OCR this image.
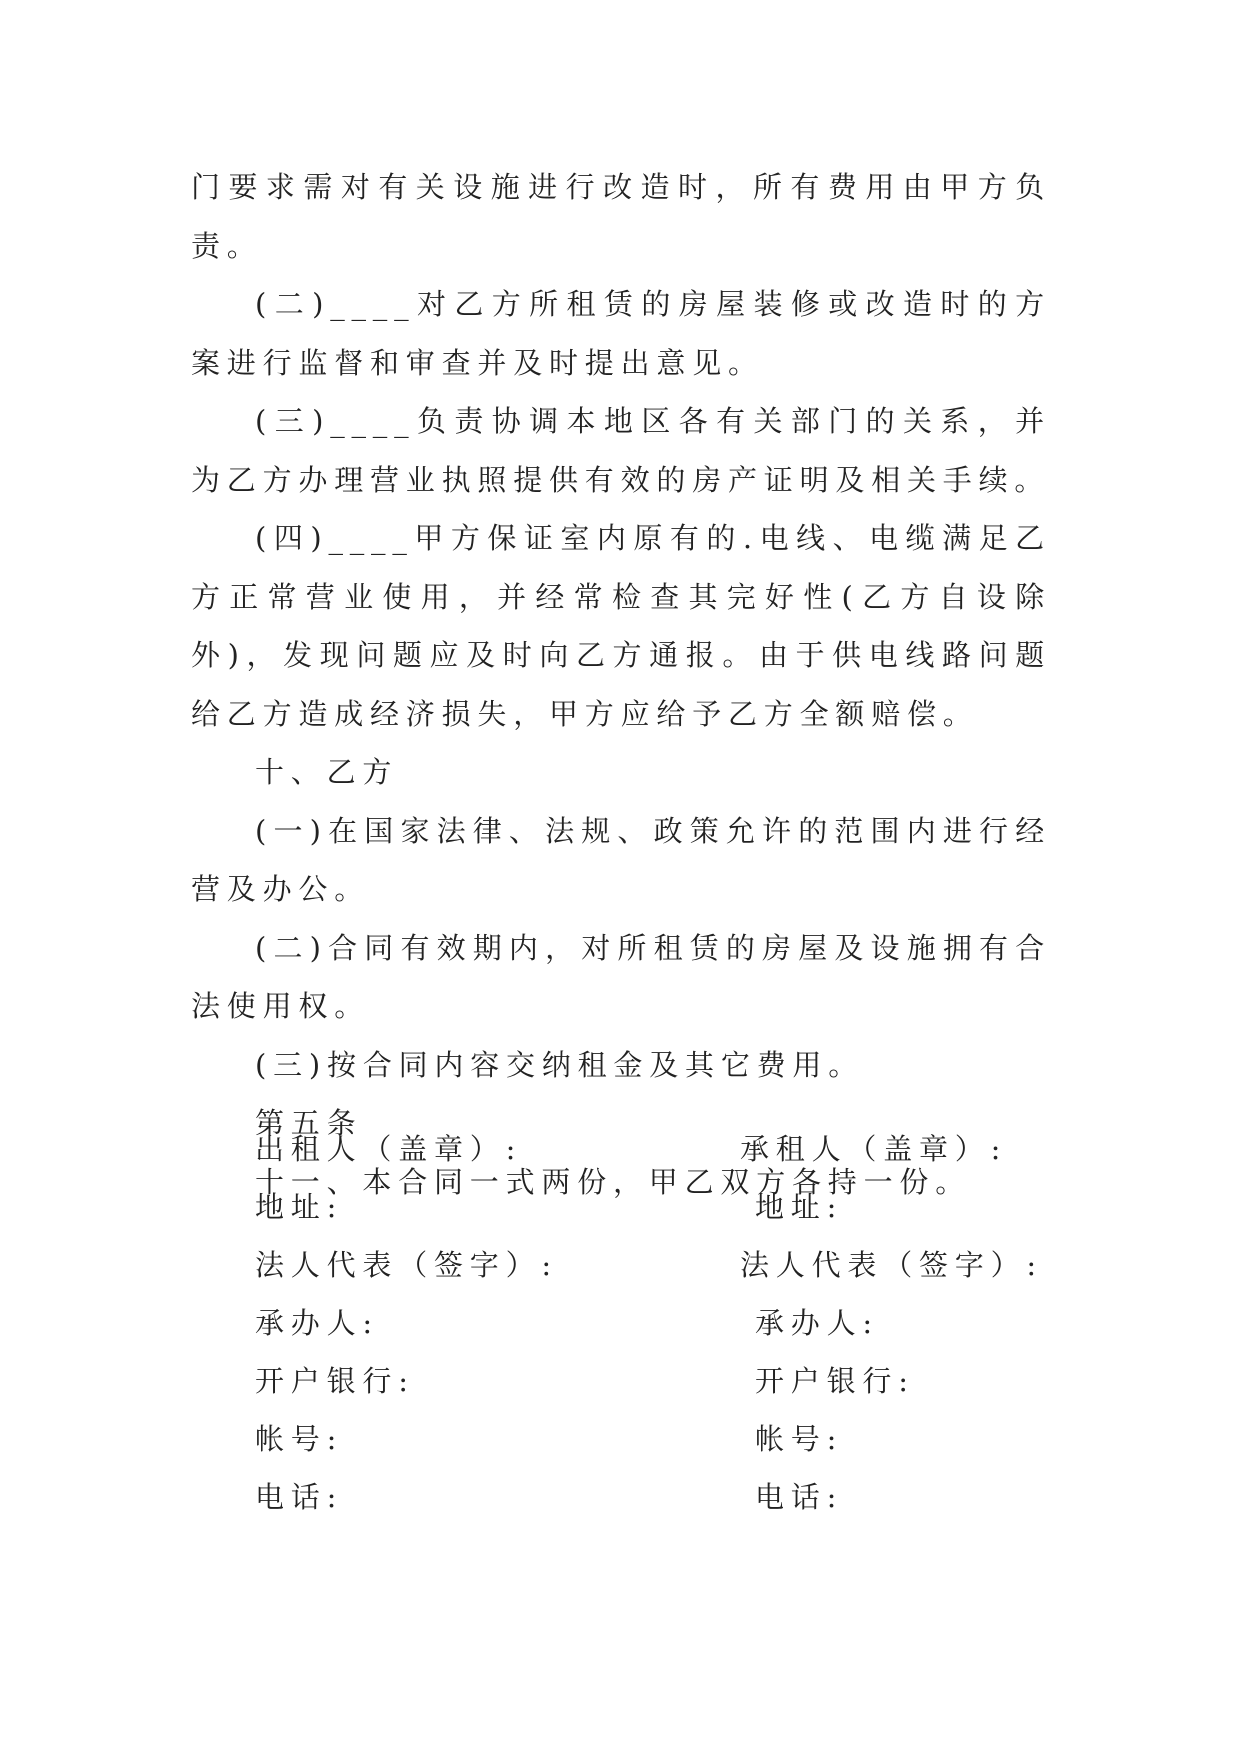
门要求需对有关设施进行改造时，所有费用由甲方负责。

(二)____对乙方所租赁的房屋装修或改造时的方案进行监督和审查并及时提出意见。

(三)____负责协调本地区各有关部门的关系，并为乙方办理营业执照提供有效的房产证明及相关手续。

(四)____甲方保证室内原有的.电线、电缆满足乙方正常营业使用，并经常检查其完好性(乙方自设除外)，发现问题应及时向乙方通报。由于供电线路问题给乙方造成经济损失，甲方应给予乙方全额赔偿。

十、乙方

(一)在国家法律、法规、政策允许的范围内进行经营及办公。

(二)合同有效期内，对所租赁的房屋及设施拥有合法使用权。

(三)按合同内容交纳租金及其它费用。

第五条

十一、本合同一式两份，甲乙双方各持一份。

出租人（盖章）:	承租人（盖章）:
地址:	地址:
法人代表（签字）:	法人代表（签字）:
承办人:	承办人:
开户银行:	开户银行:
帐号:	帐号:
电话:	电话:
